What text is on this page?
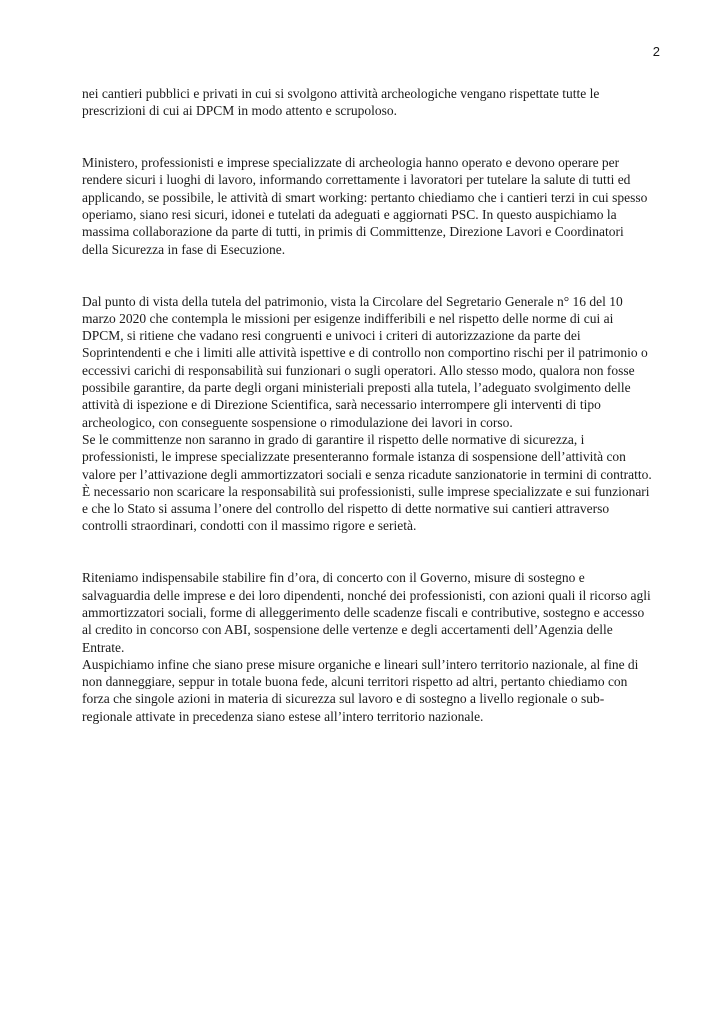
2

nei cantieri pubblici e privati in cui si svolgono attività archeologiche vengano rispettate tutte le prescrizioni di cui ai DPCM in modo attento e scrupoloso.

Ministero, professionisti e imprese specializzate di archeologia hanno operato e devono operare per rendere sicuri i luoghi di lavoro, informando correttamente i lavoratori per tutelare la salute di tutti ed applicando, se possibile, le attività di smart working: pertanto chiediamo che i cantieri terzi in cui spesso operiamo, siano resi sicuri, idonei e tutelati da adeguati e aggiornati PSC. In questo auspichiamo la massima collaborazione da parte di tutti, in primis di Committenze, Direzione Lavori e Coordinatori della Sicurezza in fase di Esecuzione.

Dal punto di vista della tutela del patrimonio, vista la Circolare del Segretario Generale n° 16 del 10 marzo 2020 che contempla le missioni per esigenze indifferibili e nel rispetto delle norme di cui ai DPCM, si ritiene che vadano resi congruenti e univoci i criteri di autorizzazione da parte dei Soprintendenti e che i limiti alle attività ispettive e di controllo non comportino rischi per il patrimonio o eccessivi carichi di responsabilità sui funzionari o sugli operatori. Allo stesso modo, qualora non fosse possibile garantire, da parte degli organi ministeriali preposti alla tutela, l’adeguato svolgimento delle attività di ispezione e di Direzione Scientifica, sarà necessario interrompere gli interventi di tipo archeologico, con conseguente sospensione o rimodulazione dei lavori in corso.

Se le committenze non saranno in grado di garantire il rispetto delle normative di sicurezza, i professionisti, le imprese specializzate presenteranno formale istanza di sospensione dell’attività con valore per l’attivazione degli ammortizzatori sociali e senza ricadute sanzionatorie in termini di contratto. È necessario non scaricare la responsabilità sui professionisti, sulle imprese specializzate e sui funzionari e che lo Stato si assuma l’onere del controllo del rispetto di dette normative sui cantieri attraverso controlli straordinari, condotti con il massimo rigore e serietà.

Riteniamo indispensabile stabilire fin d’ora, di concerto con il Governo, misure di sostegno e salvaguardia delle imprese e dei loro dipendenti, nonché dei professionisti, con azioni quali il ricorso agli ammortizzatori sociali, forme di alleggerimento delle scadenze fiscali e contributive, sostegno e accesso al credito in concorso con ABI, sospensione delle vertenze e degli accertamenti dell’Agenzia delle Entrate.

Auspichiamo infine che siano prese misure organiche e lineari sull’intero territorio nazionale, al fine di non danneggiare, seppur in totale buona fede, alcuni territori rispetto ad altri, pertanto chiediamo con forza che singole azioni in materia di sicurezza sul lavoro e di sostegno a livello regionale o sub-regionale attivate in precedenza siano estese all’intero territorio nazionale.
